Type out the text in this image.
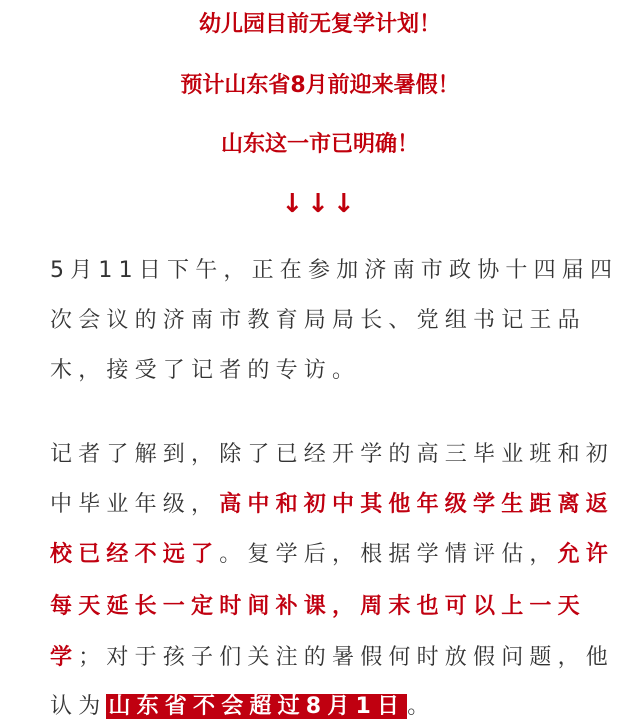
幼儿园目前无复学计划！
预计山东省8月前迎来暑假！
山东这一市已明确！
↓↓↓
5月11日下午，正在参加济南市政协十四届四
次会议的济南市教育局局长、党组书记王品
木，接受了记者的专访。
记者了解到，除了已经开学的高三毕业班和初
中毕业年级，高中和初中其他年级学生距离返
校已经不远了。复学后，根据学情评估，允许
每天延长一定时间补课，周末也可以上一天
学；对于孩子们关注的暑假何时放假问题，他
认为山东省不会超过8月1日。
